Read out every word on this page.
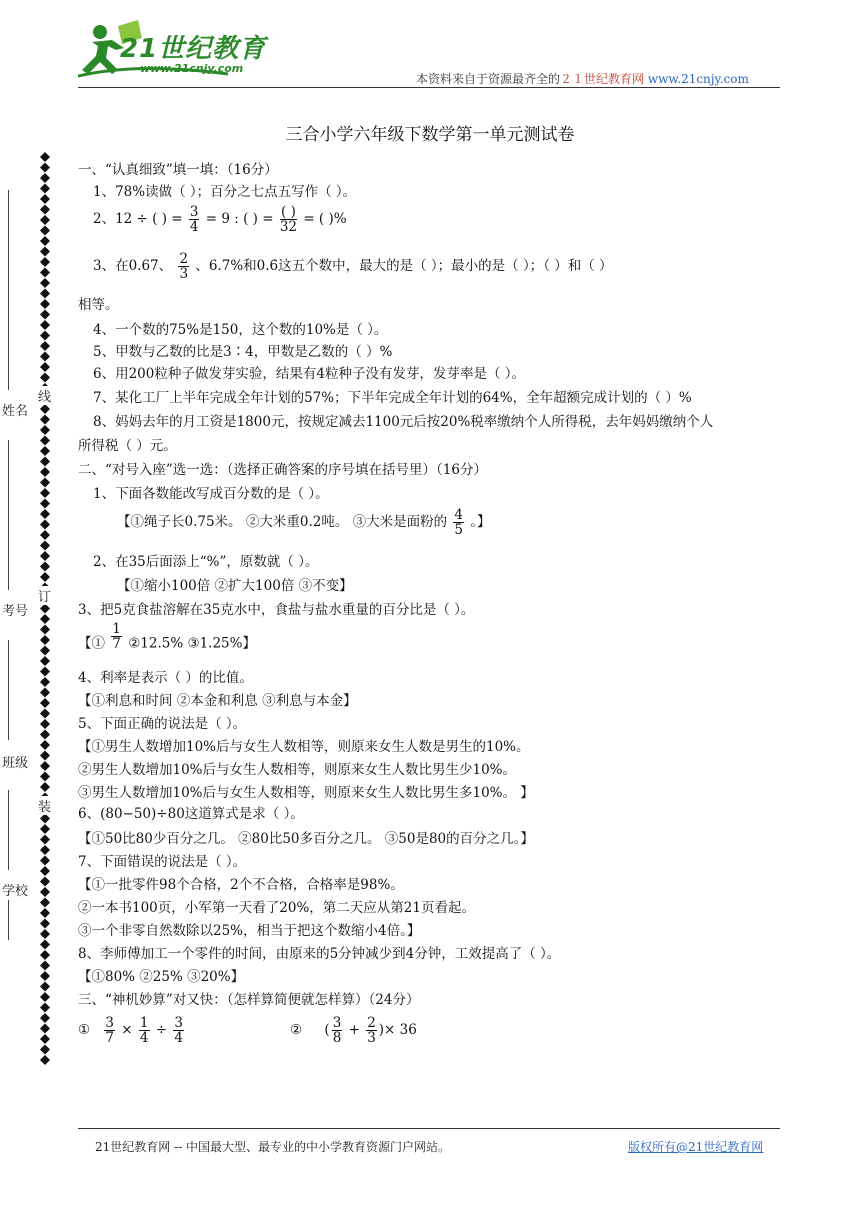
21世纪教育
www.21cnjy.com
本资料来自于资源最齐全的２１世纪教育网 www.21cnjy.com
三合小学六年级下数学第一单元测试卷
姓名
考号
班级
学校
线
订
装
一、“认真细致”填一填：（16分）
1、78%读做（ ）；百分之七点五写作（ ）。
2、12 ÷ ( ) = $\frac{3}{4} = 9$ : ( ) = $\frac{( )}{32}$ = ( )%
3、在0.67、 $\frac{2}{3}$ 、6.7%和0.6̇这五个数中，最大的是（ ）；最小的是（ ）；（ ）和（ ）
相等。
4、一个数的75%是150，这个数的10%是（ ）。
5、甲数与乙数的比是3∶4，甲数是乙数的（ ）%
6、用200粒种子做发芽实验，结果有4粒种子没有发芽，发芽率是（ ）。
7、某化工厂上半年完成全年计划的57%；下半年完成全年计划的64%，全年超额完成计划的（ ）%
8、妈妈去年的月工资是1800元，按规定减去1100元后按20%税率缴纳个人所得税，去年妈妈缴纳个人
所得税（ ）元。
二、“对号入座”选一选：（选择正确答案的序号填在括号里）（16分）
1、下面各数能改写成百分数的是（ ）。
【①绳子长0.75米。 ②大米重0.2吨。 ③大米是面粉的 $\frac{4}{5}$ 。】
2、在35后面添上“%”，原数就（ ）。
【①缩小100倍 ②扩大100倍 ③不变】
3、把5克食盐溶解在35克水中，食盐与盐水重量的百分比是（ ）。
【① $\frac{1}{7}$ ②12.5% ③1.25%】
4、利率是表示（ ）的比值。
【①利息和时间 ②本金和利息 ③利息与本金】
5、下面正确的说法是（ ）。
【①男生人数增加10%后与女生人数相等，则原来女生人数是男生的10%。
②男生人数增加10%后与女生人数相等，则原来女生人数比男生少10%。
③男生人数增加10%后与女生人数相等，则原来女生人数比男生多10%。 】
6、(80−50)÷80这道算式是求（ ）。
【①50比80少百分之几。 ②80比50多百分之几。 ③50是80的百分之几。】
7、下面错误的说法是（ ）。
【①一批零件98个合格，2个不合格，合格率是98%。
②一本书100页，小军第一天看了20%，第二天应从第21页看起。
③一个非零自然数除以25%，相当于把这个数缩小4倍。】
8、李师傅加工一个零件的时间，由原来的5分钟减少到4分钟，工效提高了（ ）。
【①80% ②25% ③20%】
三、“神机妙算”对又快：（怎样算简便就怎样算）（24分）
① $\frac{3}{7} \times \frac{1}{4} \div \frac{3}{4}$	② ( $\frac{3}{8} + \frac{2}{3}$ )× 36
21世纪教育网 -- 中国最大型、最专业的中小学教育资源门户网站。	版权所有@21世纪教育网
